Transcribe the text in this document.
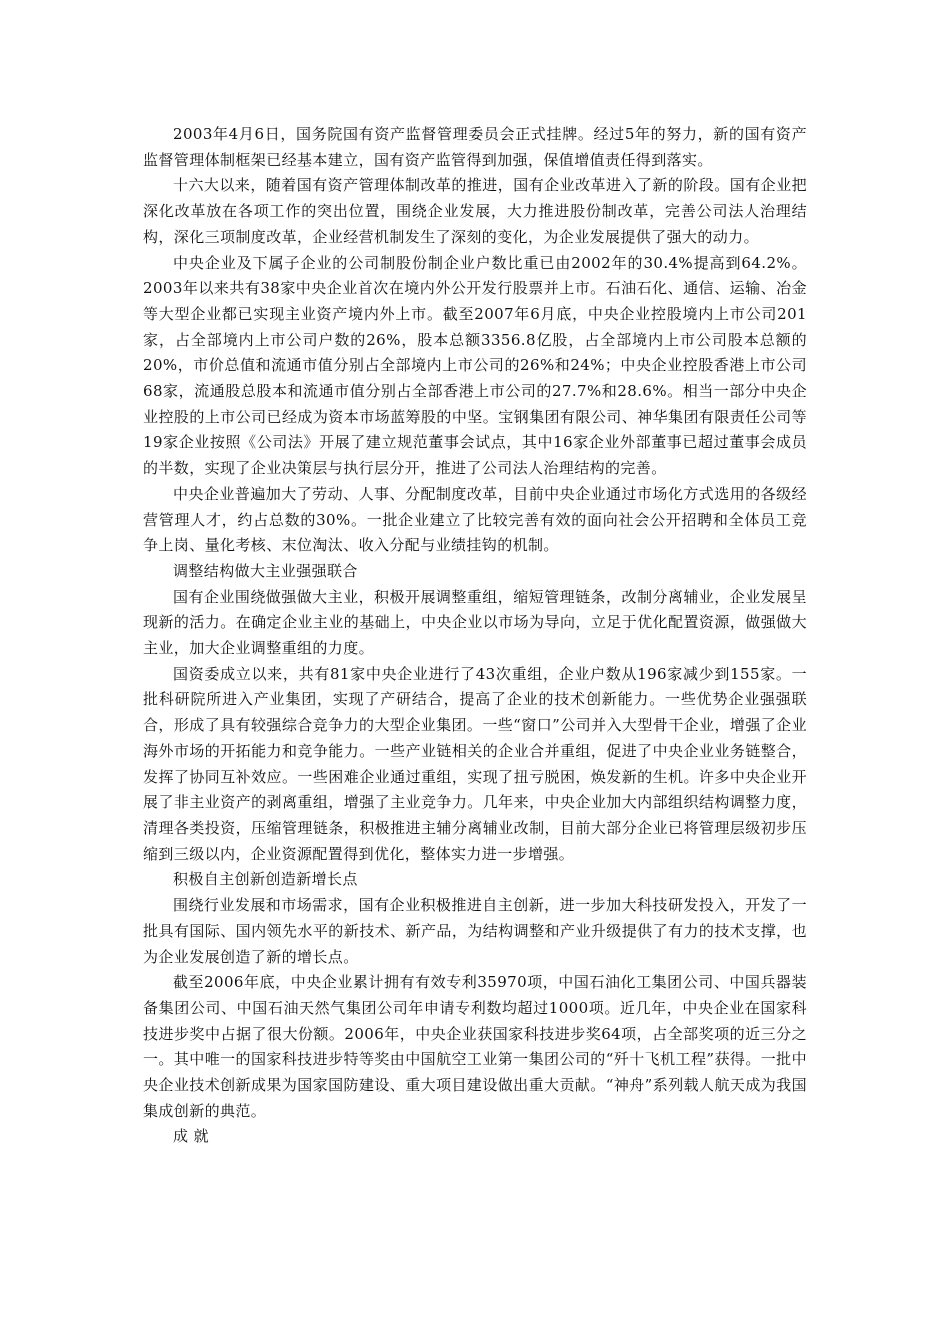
2003年4月6日，国务院国有资产监督管理委员会正式挂牌。经过5年的努力，新的国有资产监督管理体制框架已经基本建立，国有资产监管得到加强，保值增值责任得到落实。

十六大以来，随着国有资产管理体制改革的推进，国有企业改革进入了新的阶段。国有企业把深化改革放在各项工作的突出位置，围绕企业发展，大力推进股份制改革，完善公司法人治理结构，深化三项制度改革，企业经营机制发生了深刻的变化，为企业发展提供了强大的动力。

中央企业及下属子企业的公司制股份制企业户数比重已由2002年的30.4%提高到64.2%。2003年以来共有38家中央企业首次在境内外公开发行股票并上市。石油石化、通信、运输、冶金等大型企业都已实现主业资产境内外上市。截至2007年6月底，中央企业控股境内上市公司201家，占全部境内上市公司户数的26%，股本总额3356.8亿股，占全部境内上市公司股本总额的20%，市价总值和流通市值分别占全部境内上市公司的26%和24%；中央企业控股香港上市公司68家，流通股总股本和流通市值分别占全部香港上市公司的27.7%和28.6%。相当一部分中央企业控股的上市公司已经成为资本市场蓝筹股的中坚。宝钢集团有限公司、神华集团有限责任公司等19家企业按照《公司法》开展了建立规范董事会试点，其中16家企业外部董事已超过董事会成员的半数，实现了企业决策层与执行层分开，推进了公司法人治理结构的完善。

中央企业普遍加大了劳动、人事、分配制度改革，目前中央企业通过市场化方式选用的各级经营管理人才，约占总数的30%。一批企业建立了比较完善有效的面向社会公开招聘和全体员工竞争上岗、量化考核、末位淘汰、收入分配与业绩挂钩的机制。

调整结构做大主业强强联合

国有企业围绕做强做大主业，积极开展调整重组，缩短管理链条，改制分离辅业，企业发展呈现新的活力。在确定企业主业的基础上，中央企业以市场为导向，立足于优化配置资源，做强做大主业，加大企业调整重组的力度。

国资委成立以来，共有81家中央企业进行了43次重组，企业户数从196家减少到155家。一批科研院所进入产业集团，实现了产研结合，提高了企业的技术创新能力。一些优势企业强强联合，形成了具有较强综合竞争力的大型企业集团。一些“窗口”公司并入大型骨干企业，增强了企业海外市场的开拓能力和竞争能力。一些产业链相关的企业合并重组，促进了中央企业业务链整合，发挥了协同互补效应。一些困难企业通过重组，实现了扭亏脱困，焕发新的生机。许多中央企业开展了非主业资产的剥离重组，增强了主业竞争力。几年来，中央企业加大内部组织结构调整力度，清理各类投资，压缩管理链条，积极推进主辅分离辅业改制，目前大部分企业已将管理层级初步压缩到三级以内，企业资源配置得到优化，整体实力进一步增强。

积极自主创新创造新增长点

围绕行业发展和市场需求，国有企业积极推进自主创新，进一步加大科技研发投入，开发了一批具有国际、国内领先水平的新技术、新产品，为结构调整和产业升级提供了有力的技术支撑，也为企业发展创造了新的增长点。

截至2006年底，中央企业累计拥有有效专利35970项，中国石油化工集团公司、中国兵器装备集团公司、中国石油天然气集团公司年申请专利数均超过1000项。近几年，中央企业在国家科技进步奖中占据了很大份额。2006年，中央企业获国家科技进步奖64项，占全部奖项的近三分之一。其中唯一的国家科技进步特等奖由中国航空工业第一集团公司的“歼十飞机工程”获得。一批中央企业技术创新成果为国家国防建设、重大项目建设做出重大贡献。“神舟”系列载人航天成为我国集成创新的典范。

成 就
